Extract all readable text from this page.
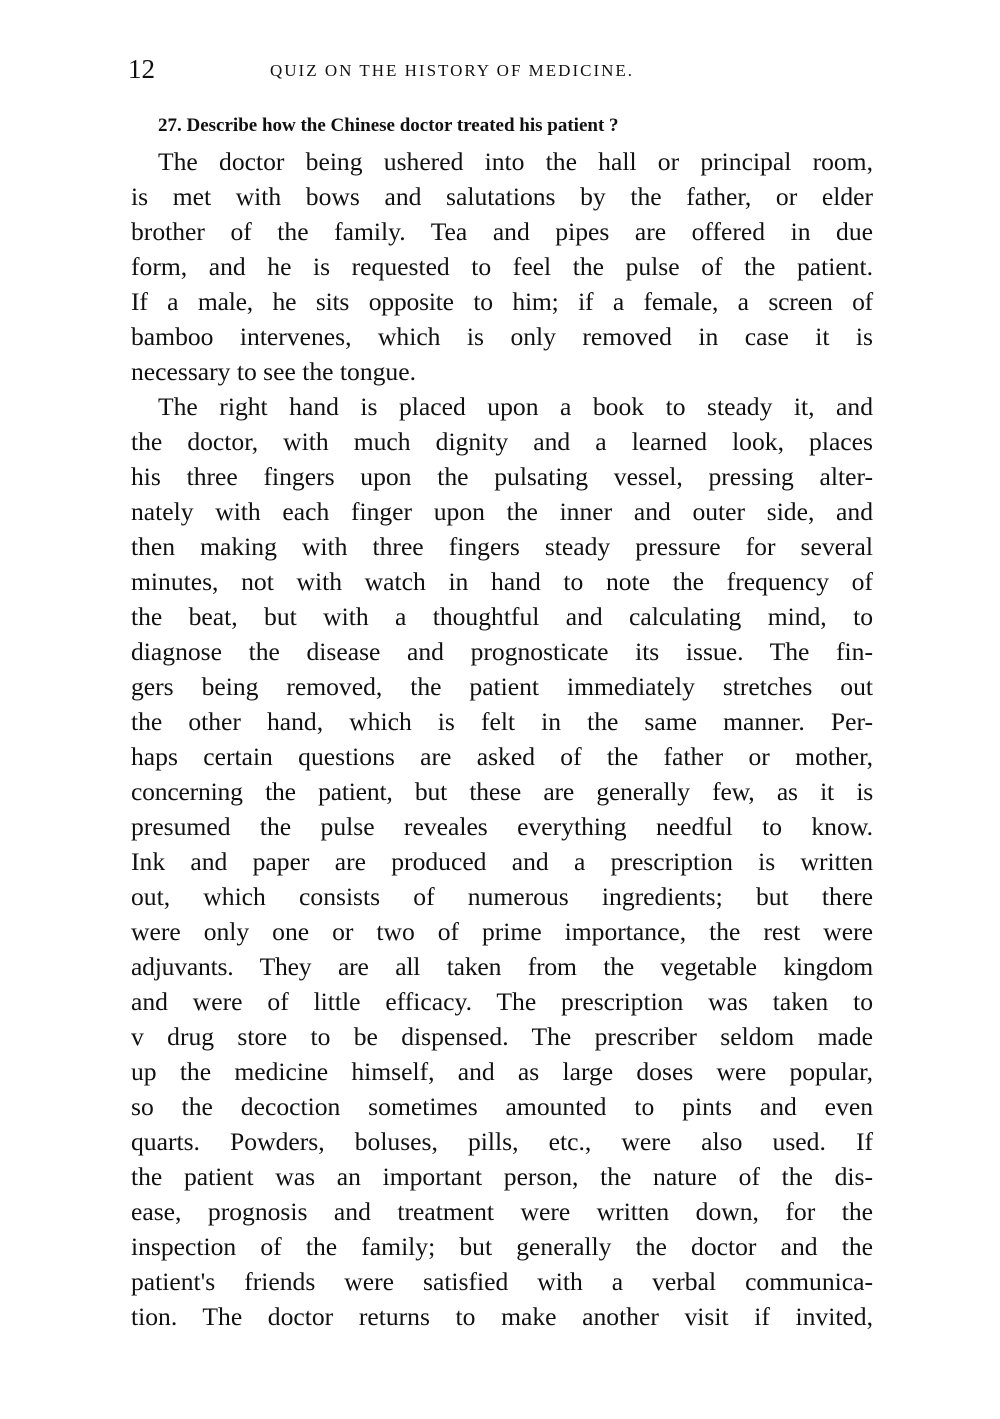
12	QUIZ ON THE HISTORY OF MEDICINE.
27. Describe how the Chinese doctor treated his patient ?
The doctor being ushered into the hall or principal room,
is met with bows and salutations by the father, or elder
brother of the family. Tea and pipes are offered in due
form, and he is requested to feel the pulse of the patient.
If a male, he sits opposite to him; if a female, a screen of
bamboo intervenes, which is only removed in case it is
necessary to see the tongue.
The right hand is placed upon a book to steady it, and
the doctor, with much dignity and a learned look, places
his three fingers upon the pulsating vessel, pressing alter-
nately with each finger upon the inner and outer side, and
then making with three fingers steady pressure for several
minutes, not with watch in hand to note the frequency of
the beat, but with a thoughtful and calculating mind, to
diagnose the disease and prognosticate its issue. The fin-
gers being removed, the patient immediately stretches out
the other hand, which is felt in the same manner. Per-
haps certain questions are asked of the father or mother,
concerning the patient, but these are generally few, as it is
presumed the pulse reveales everything needful to know.
Ink and paper are produced and a prescription is written
out, which consists of numerous ingredients; but there
were only one or two of prime importance, the rest were
adjuvants. They are all taken from the vegetable kingdom
and were of little efficacy. The prescription was taken to
v drug store to be dispensed. The prescriber seldom made
up the medicine himself, and as large doses were popular,
so the decoction sometimes amounted to pints and even
quarts. Powders, boluses, pills, etc., were also used. If
the patient was an important person, the nature of the dis-
ease, prognosis and treatment were written down, for the
inspection of the family; but generally the doctor and the
patient's friends were satisfied with a verbal communica-
tion. The doctor returns to make another visit if invited,
